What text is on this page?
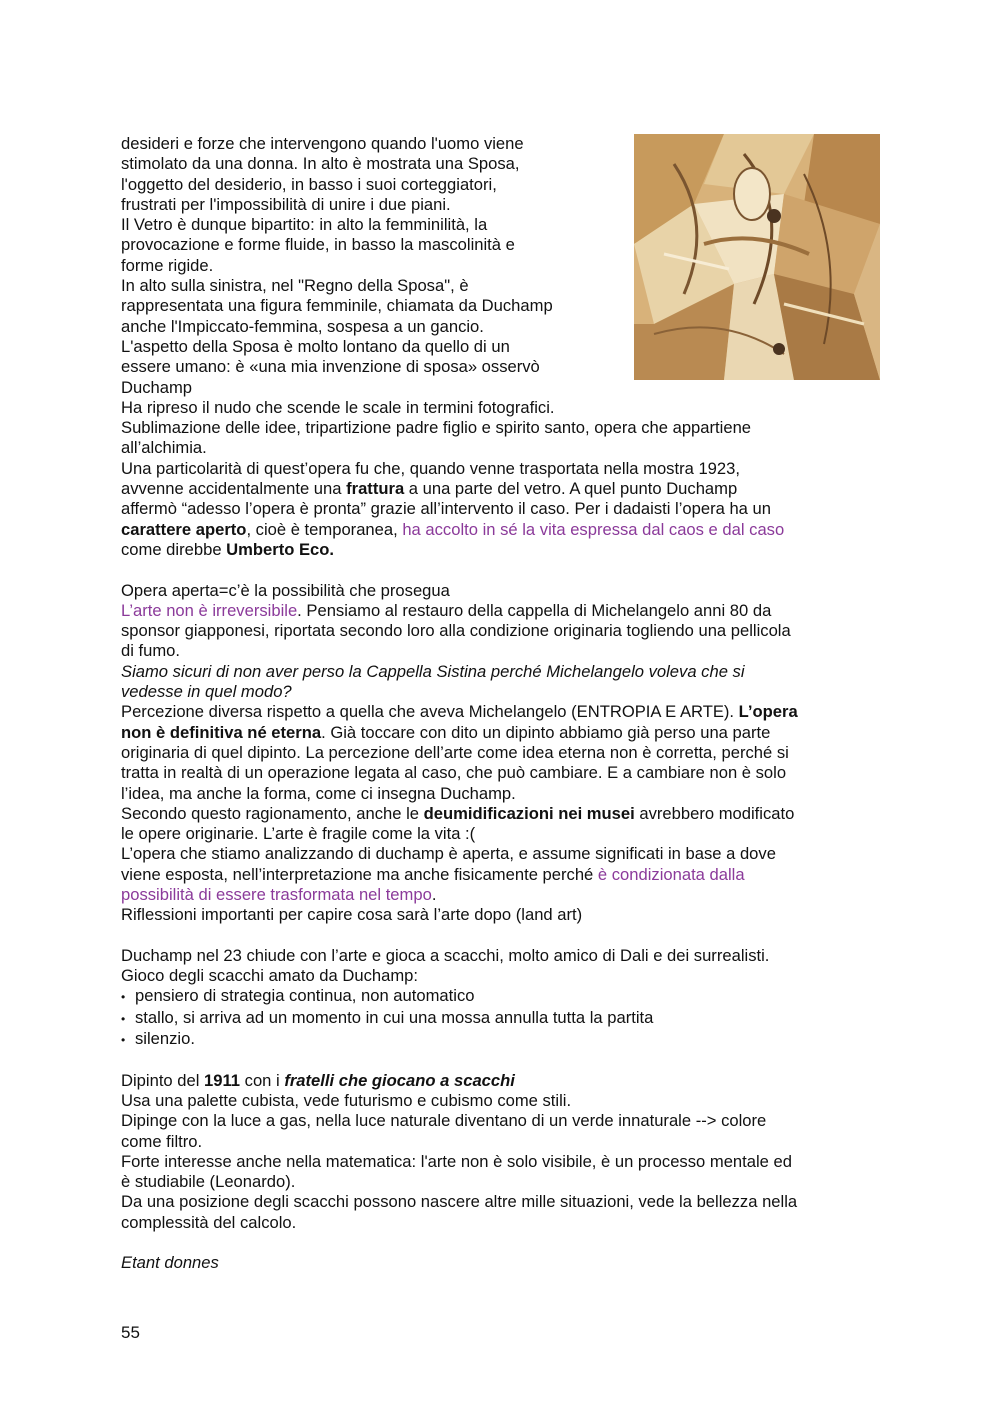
desideri e forze che intervengono quando l'uomo viene
stimolato da una donna. In alto è mostrata una Sposa,
l'oggetto del desiderio, in basso i suoi corteggiatori,
frustrati per l'impossibilità di unire i due piani.
Il Vetro è dunque bipartito: in alto la femminilità, la
provocazione e forme fluide, in basso la mascolinità e
forme rigide.
In alto sulla sinistra, nel "Regno della Sposa", è
rappresentata una figura femminile, chiamata da Duchamp
anche l'Impiccato-femmina, sospesa a un gancio.
L'aspetto della Sposa è molto lontano da quello di un
essere umano: è «una mia invenzione di sposa» osservò
Duchamp
Ha ripreso il nudo che scende le scale in termini fotografici.
Sublimazione delle idee, tripartizione padre figlio e spirito santo, opera che appartiene
all’alchimia.
Una particolarità di quest’opera fu che, quando venne trasportata nella mostra 1923,
avvenne accidentalmente una frattura a una parte del vetro. A quel punto Duchamp
affermò “adesso l’opera è pronta” grazie all’intervento il caso. Per i dadaisti l’opera ha un
carattere aperto, cioè è temporanea, ha accolto in sé la vita espressa dal caos e dal caso
come direbbe Umberto Eco.
Opera aperta=c’è la possibilità che prosegua
L’arte non è irreversibile. Pensiamo al restauro della cappella di Michelangelo anni 80 da
sponsor giapponesi, riportata secondo loro alla condizione originaria togliendo una pellicola
di fumo.
Siamo sicuri di non aver perso la Cappella Sistina perché Michelangelo voleva che si
vedesse in quel modo?
Percezione diversa rispetto a quella che aveva Michelangelo (ENTROPIA E ARTE). L’opera
non è definitiva né eterna. Già toccare con dito un dipinto abbiamo già perso una parte
originaria di quel dipinto. La percezione dell’arte come idea eterna non è corretta, perché si
tratta in realtà di un operazione legata al caso, che può cambiare. E a cambiare non è solo
l’idea, ma anche la forma, come ci insegna Duchamp.
Secondo questo ragionamento, anche le deumidificazioni nei musei avrebbero modificato
le opere originarie. L’arte è fragile come la vita :(
L’opera che stiamo analizzando di duchamp è aperta, e assume significati in base a dove
viene esposta, nell’interpretazione ma anche fisicamente perché è condizionata dalla
possibilità di essere trasformata nel tempo.
Riflessioni importanti per capire cosa sarà l’arte dopo (land art)
Duchamp nel 23 chiude con l’arte e gioca a scacchi, molto amico di Dali e dei surrealisti.
Gioco degli scacchi amato da Duchamp:
• pensiero di strategia continua, non automatico
• stallo, si arriva ad un momento in cui una mossa annulla tutta la partita
• silenzio.
Dipinto del 1911 con i fratelli che giocano a scacchi
Usa una palette cubista, vede futurismo e cubismo come stili.
Dipinge con la luce a gas, nella luce naturale diventano di un verde innaturale --> colore
come filtro.
Forte interesse anche nella matematica: l'arte non è solo visibile, è un processo mentale ed
è studiabile (Leonardo).
Da una posizione degli scacchi possono nascere altre mille situazioni, vede la bellezza nella
complessità del calcolo.
Etant donnes
55
